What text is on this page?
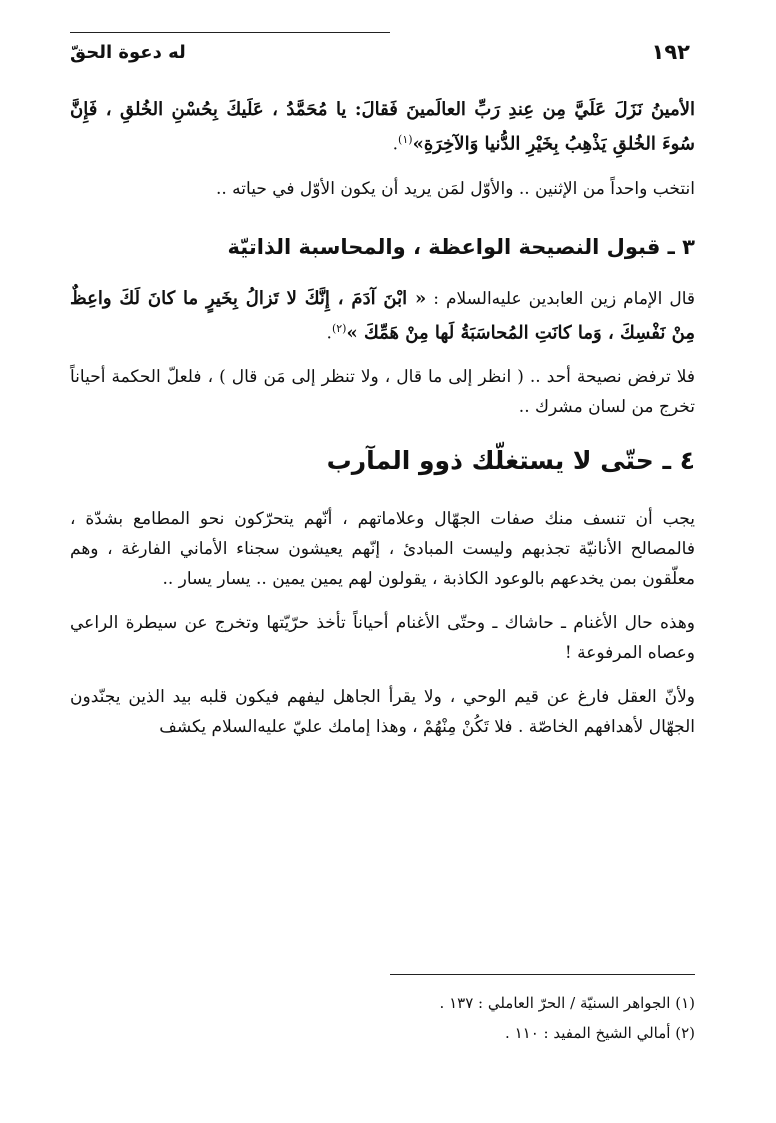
١٩٢
له دعوة الحقّ

الأمينُ نَزَلَ عَلَيَّ مِن عِندِ رَبِّ العالَمينَ فَقالَ: يا مُحَمَّدُ ، عَلَيكَ بِحُسْنِ الخُلقِ ، فَإِنَّ سُوءَ الخُلقِ يَذْهِبُ بِخَيْرِ الدُّنيا وَالآخِرَةِ»$^{(١)}$.

انتخب واحداً من الإثنين .. والأوّل لمَن يريد أن يكون الأوّل في حياته ..

٣ ـ قبول النصيحة الواعظة ، والمحاسبة الذاتيّة

قال الإمام زين العابدين عليه‌السلام : « ابْنَ آدَمَ ، إِنَّكَ لا تَزالُ بِخَيرٍ ما كانَ لَكَ واعِظٌ مِنْ نَفْسِكَ ، وَما كانَتِ المُحاسَبَةُ لَها مِنْ هَمِّكَ »$^{(٢)}$.

فلا ترفض نصيحة أحد .. ( انظر إلى ما قال ، ولا تنظر إلى مَن قال ) ، فلعلّ الحكمة أحياناً تخرج من لسان مشرك ..

٤ ـ حتّى لا يستغلّك ذوو المآرب

يجب أن تنسف منك صفات الجهّال وعلاماتهم ، أنّهم يتحرّكون نحو المطامع بشدّة ، فالمصالح الأنانيّة تجذبهم وليست المبادئ ، إنّهم يعيشون سجناء الأماني الفارغة ، وهم معلّقون بمن يخدعهم بالوعود الكاذبة ، يقولون لهم يمين يمين .. يسار يسار ..

وهذه حال الأغنام ـ حاشاك ـ وحتّى الأغنام أحياناً تأخذ حرّيّتها وتخرج عن سيطرة الراعي وعصاه المرفوعة !

ولأنّ العقل فارغ عن قيم الوحي ، ولا يقرأ الجاهل ليفهم فيكون قلبه بيد الذين يجنّدون الجهّال لأهدافهم الخاصّة . فلا تَكُنْ مِنْهُمْ ، وهذا إمامك عليّ عليه‌السلام يكشف

(١) الجواهر السنيّة / الحرّ العاملي : ١٣٧ .

(٢) أمالي الشيخ المفيد : ١١٠ .
